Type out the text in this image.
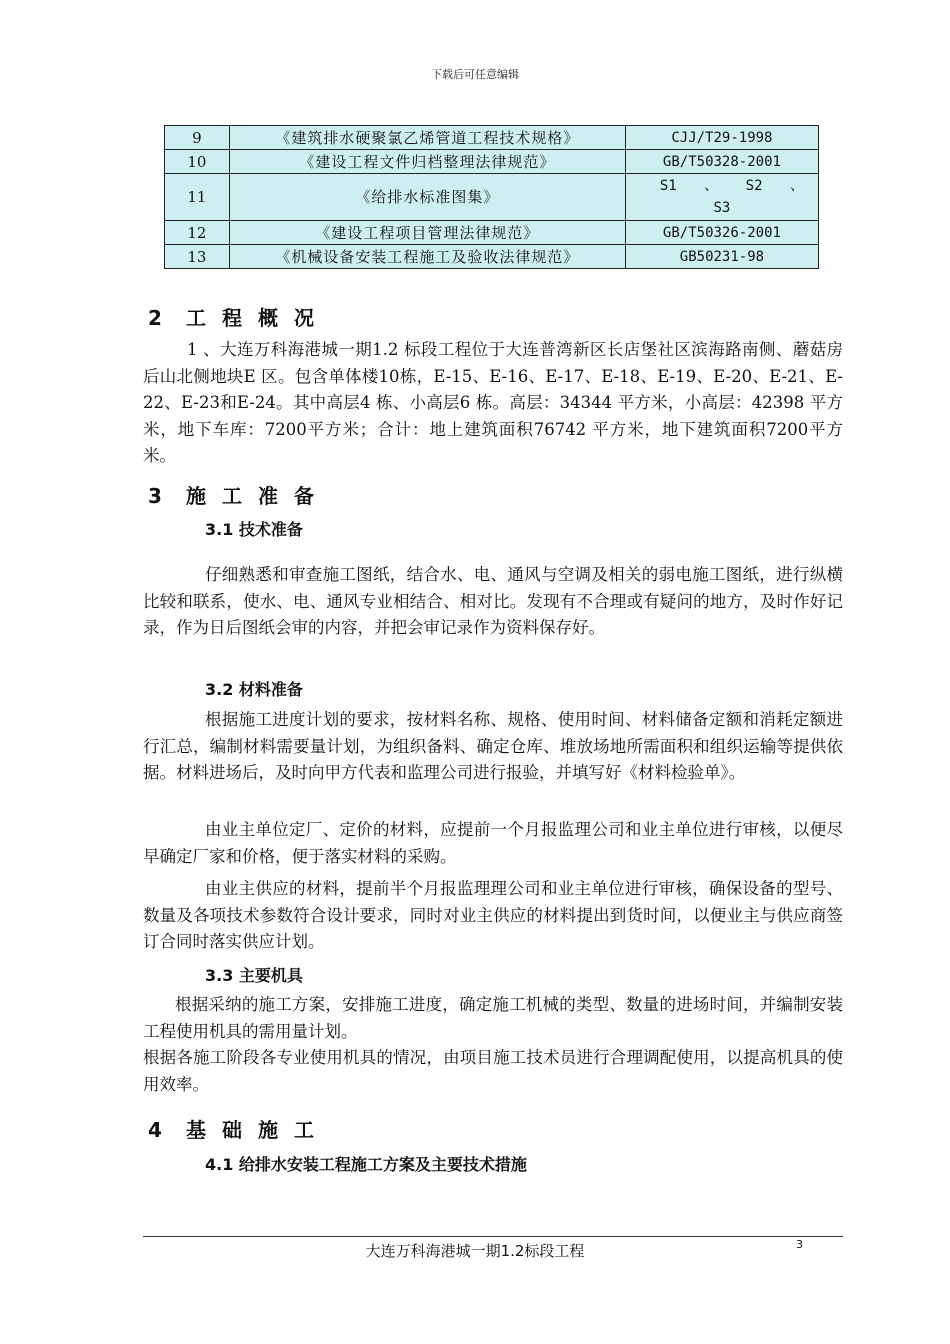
下载后可任意编辑
9	《建筑排水硬聚氯乙烯管道工程技术规格》	CJJ/T29-1998
10	《建设工程文件归档整理法律规范》	GB/T50328-2001
11	《给排水标准图集》	S1 、 S2 、
S3

12	《建设工程项目管理法律规范》	GB/T50326-2001
13	《机械设备安装工程施工及验收法律规范》	GB50231-98
2 工程概况
1 、大连万科海港城一期1.2 标段工程位于大连普湾新区长店堡社区滨海路南侧、蘑菇房后山北侧地块E 区。包含单体楼10栋，E-15、E-16、E-17、E-18、E-19、E-20、E-21、E-22、E-23和E-24。其中高层4 栋、小高层6 栋。高层：34344 平方米，小高层：42398 平方米，地下车库：7200平方米；合计：地上建筑面积76742 平方米，地下建筑面积7200平方米。
3 施工准备
3.1 技术准备
仔细熟悉和审查施工图纸，结合水、电、通风与空调及相关的弱电施工图纸，进行纵横比较和联系，使水、电、通风专业相结合、相对比。发现有不合理或有疑问的地方，及时作好记录，作为日后图纸会审的内容，并把会审记录作为资料保存好。
3.2 材料准备
根据施工进度计划的要求，按材料名称、规格、使用时间、材料储备定额和消耗定额进行汇总，编制材料需要量计划，为组织备料、确定仓库、堆放场地所需面积和组织运输等提供依据。材料进场后，及时向甲方代表和监理公司进行报验，并填写好《材料检验单》。
由业主单位定厂、定价的材料，应提前一个月报监理公司和业主单位进行审核，以便尽早确定厂家和价格，便于落实材料的采购。
由业主供应的材料，提前半个月报监理理公司和业主单位进行审核，确保设备的型号、数量及各项技术参数符合设计要求，同时对业主供应的材料提出到货时间，以便业主与供应商签订合同时落实供应计划。
3.3 主要机具
根据采纳的施工方案，安排施工进度，确定施工机械的类型、数量的进场时间，并编制安装工程使用机具的需用量计划。
根据各施工阶段各专业使用机具的情况，由项目施工技术员进行合理调配使用，以提高机具的使用效率。
4 基础施工
4.1 给排水安装工程施工方案及主要技术措施
大连万科海港城一期1.2标段工程	3
